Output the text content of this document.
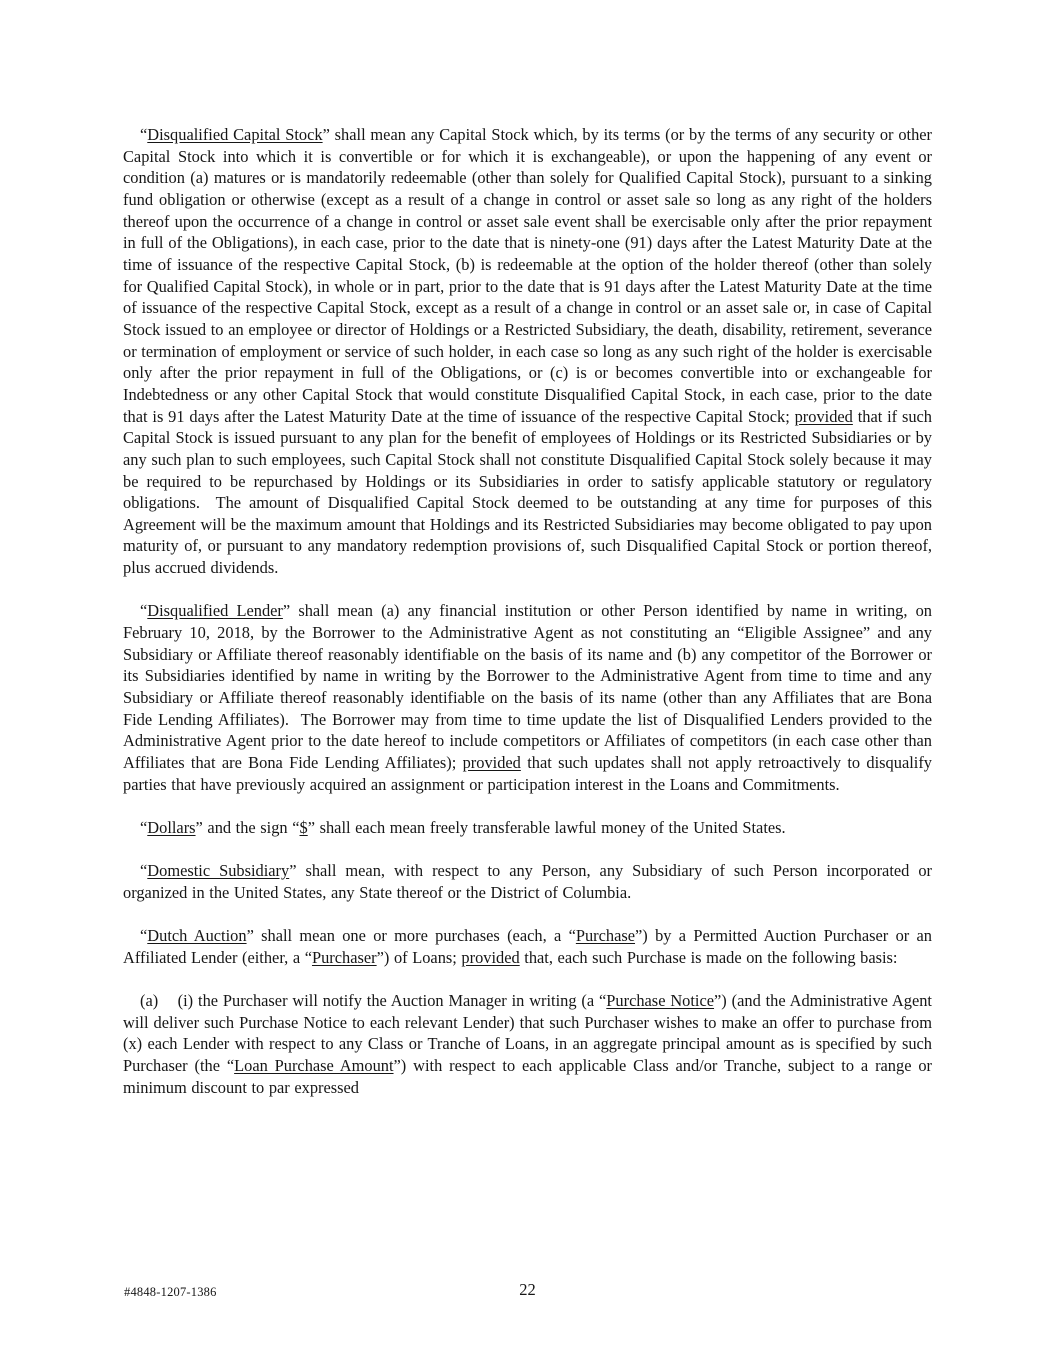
“Disqualified Capital Stock” shall mean any Capital Stock which, by its terms (or by the terms of any security or other Capital Stock into which it is convertible or for which it is exchangeable), or upon the happening of any event or condition (a) matures or is mandatorily redeemable (other than solely for Qualified Capital Stock), pursuant to a sinking fund obligation or otherwise (except as a result of a change in control or asset sale so long as any right of the holders thereof upon the occurrence of a change in control or asset sale event shall be exercisable only after the prior repayment in full of the Obligations), in each case, prior to the date that is ninety-one (91) days after the Latest Maturity Date at the time of issuance of the respective Capital Stock, (b) is redeemable at the option of the holder thereof (other than solely for Qualified Capital Stock), in whole or in part, prior to the date that is 91 days after the Latest Maturity Date at the time of issuance of the respective Capital Stock, except as a result of a change in control or an asset sale or, in case of Capital Stock issued to an employee or director of Holdings or a Restricted Subsidiary, the death, disability, retirement, severance or termination of employment or service of such holder, in each case so long as any such right of the holder is exercisable only after the prior repayment in full of the Obligations, or (c) is or becomes convertible into or exchangeable for Indebtedness or any other Capital Stock that would constitute Disqualified Capital Stock, in each case, prior to the date that is 91 days after the Latest Maturity Date at the time of issuance of the respective Capital Stock; provided that if such Capital Stock is issued pursuant to any plan for the benefit of employees of Holdings or its Restricted Subsidiaries or by any such plan to such employees, such Capital Stock shall not constitute Disqualified Capital Stock solely because it may be required to be repurchased by Holdings or its Subsidiaries in order to satisfy applicable statutory or regulatory obligations.  The amount of Disqualified Capital Stock deemed to be outstanding at any time for purposes of this Agreement will be the maximum amount that Holdings and its Restricted Subsidiaries may become obligated to pay upon maturity of, or pursuant to any mandatory redemption provisions of, such Disqualified Capital Stock or portion thereof, plus accrued dividends.

“Disqualified Lender” shall mean (a) any financial institution or other Person identified by name in writing, on February 10, 2018, by the Borrower to the Administrative Agent as not constituting an “Eligible Assignee” and any Subsidiary or Affiliate thereof reasonably identifiable on the basis of its name and (b) any competitor of the Borrower or its Subsidiaries identified by name in writing by the Borrower to the Administrative Agent from time to time and any Subsidiary or Affiliate thereof reasonably identifiable on the basis of its name (other than any Affiliates that are Bona Fide Lending Affiliates).  The Borrower may from time to time update the list of Disqualified Lenders provided to the Administrative Agent prior to the date hereof to include competitors or Affiliates of competitors (in each case other than Affiliates that are Bona Fide Lending Affiliates); provided that such updates shall not apply retroactively to disqualify parties that have previously acquired an assignment or participation interest in the Loans and Commitments.

“Dollars” and the sign “$” shall each mean freely transferable lawful money of the United States.

“Domestic Subsidiary” shall mean, with respect to any Person, any Subsidiary of such Person incorporated or organized in the United States, any State thereof or the District of Columbia.

“Dutch Auction” shall mean one or more purchases (each, a “Purchase”) by a Permitted Auction Purchaser or an Affiliated Lender (either, a “Purchaser”) of Loans; provided that, each such Purchase is made on the following basis:

(a)    (i) the Purchaser will notify the Auction Manager in writing (a “Purchase Notice”) (and the Administrative Agent will deliver such Purchase Notice to each relevant Lender) that such Purchaser wishes to make an offer to purchase from (x) each Lender with respect to any Class or Tranche of Loans, in an aggregate principal amount as is specified by such Purchaser (the “Loan Purchase Amount”) with respect to each applicable Class and/or Tranche, subject to a range or minimum discount to par expressed

#4848-1207-1386	22
